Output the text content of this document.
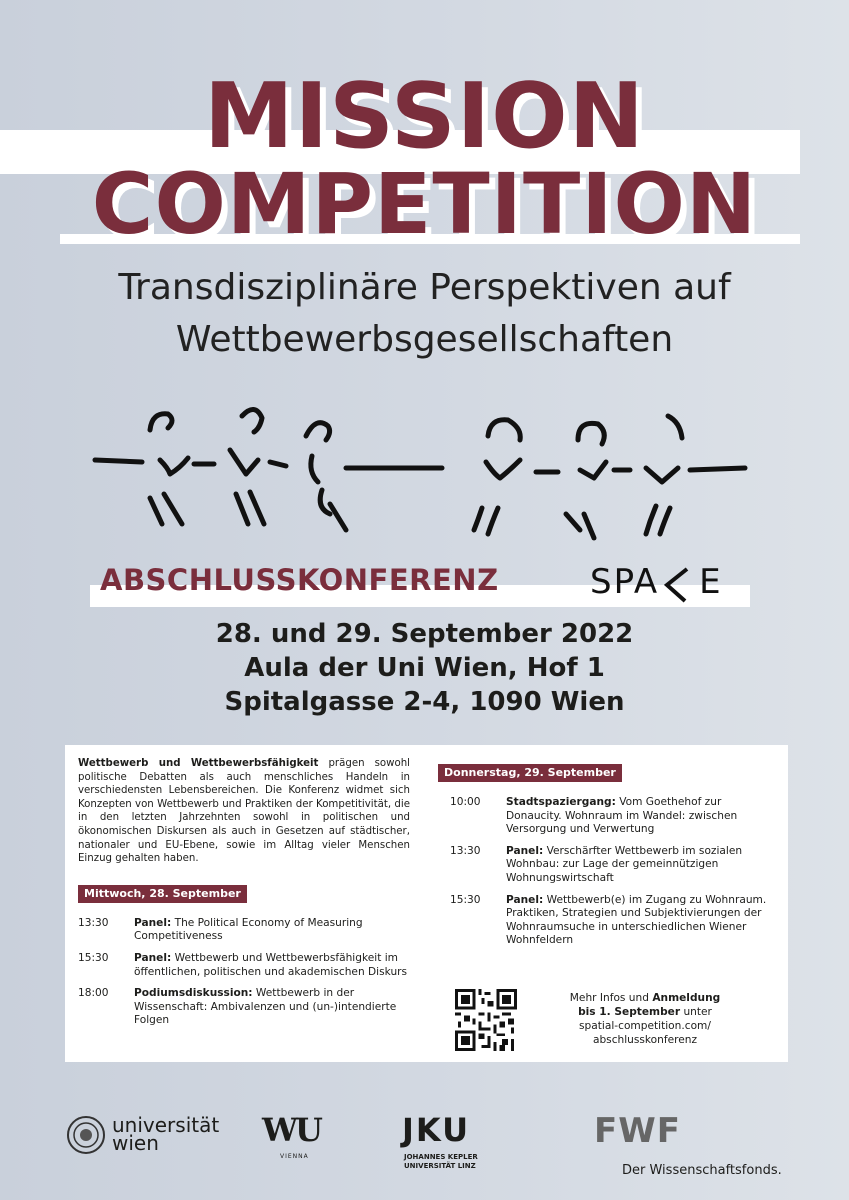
MISSION
COMPETITION
Transdisziplinäre Perspektiven auf
Wettbewerbsgesellschaften
ABSCHLUSSKONFERENZ	SPA E
28. und 29. September 2022
Aula der Uni Wien, Hof 1
Spitalgasse 2-4, 1090 Wien

Wettbewerb und Wettbewerbsfähigkeit prägen sowohl politische Debatten als auch menschliches Handeln in verschiedensten Lebensbereichen. Die Konferenz widmet sich Konzepten von Wettbewerb und Praktiken der Kompetitivität, die in den letzten Jahrzehnten sowohl in politischen und ökonomischen Diskursen als auch in Gesetzen auf städtischer, nationaler und EU-Ebene, sowie im Alltag vieler Menschen Einzug gehalten haben.

Mittwoch, 28. September
13:30	Panel: The Political Economy of Measuring Competitiveness
15:30	Panel: Wettbewerb und Wettbewerbsfähigkeit im öffentlichen, politischen und akademischen Diskurs
18:00	Podiumsdiskussion: Wettbewerb in der Wissenschaft: Ambivalenzen und (un-)intendierte Folgen
Donnerstag, 29. September
10:00	Stadtspaziergang: Vom Goethehof zur Donaucity. Wohnraum im Wandel: zwischen Versorgung und Verwertung
13:30	Panel: Verschärfter Wettbewerb im sozialen Wohnbau: zur Lage der gemeinnützigen Wohnungswirtschaft
15:30	Panel: Wettbewerb(e) im Zugang zu Wohnraum. Praktiken, Strategien und Subjektivierungen der Wohnraumsuche in unterschiedlichen Wiener Wohnfeldern
Mehr Infos und Anmeldung
bis 1. September unter
spatial-competition.com/
abschlusskonferenz
universität
wien	WU
VIENNA
JKU
JOHANNES KEPLER
UNIVERSITÄT LINZ
FWF
Der Wissenschaftsfonds.
